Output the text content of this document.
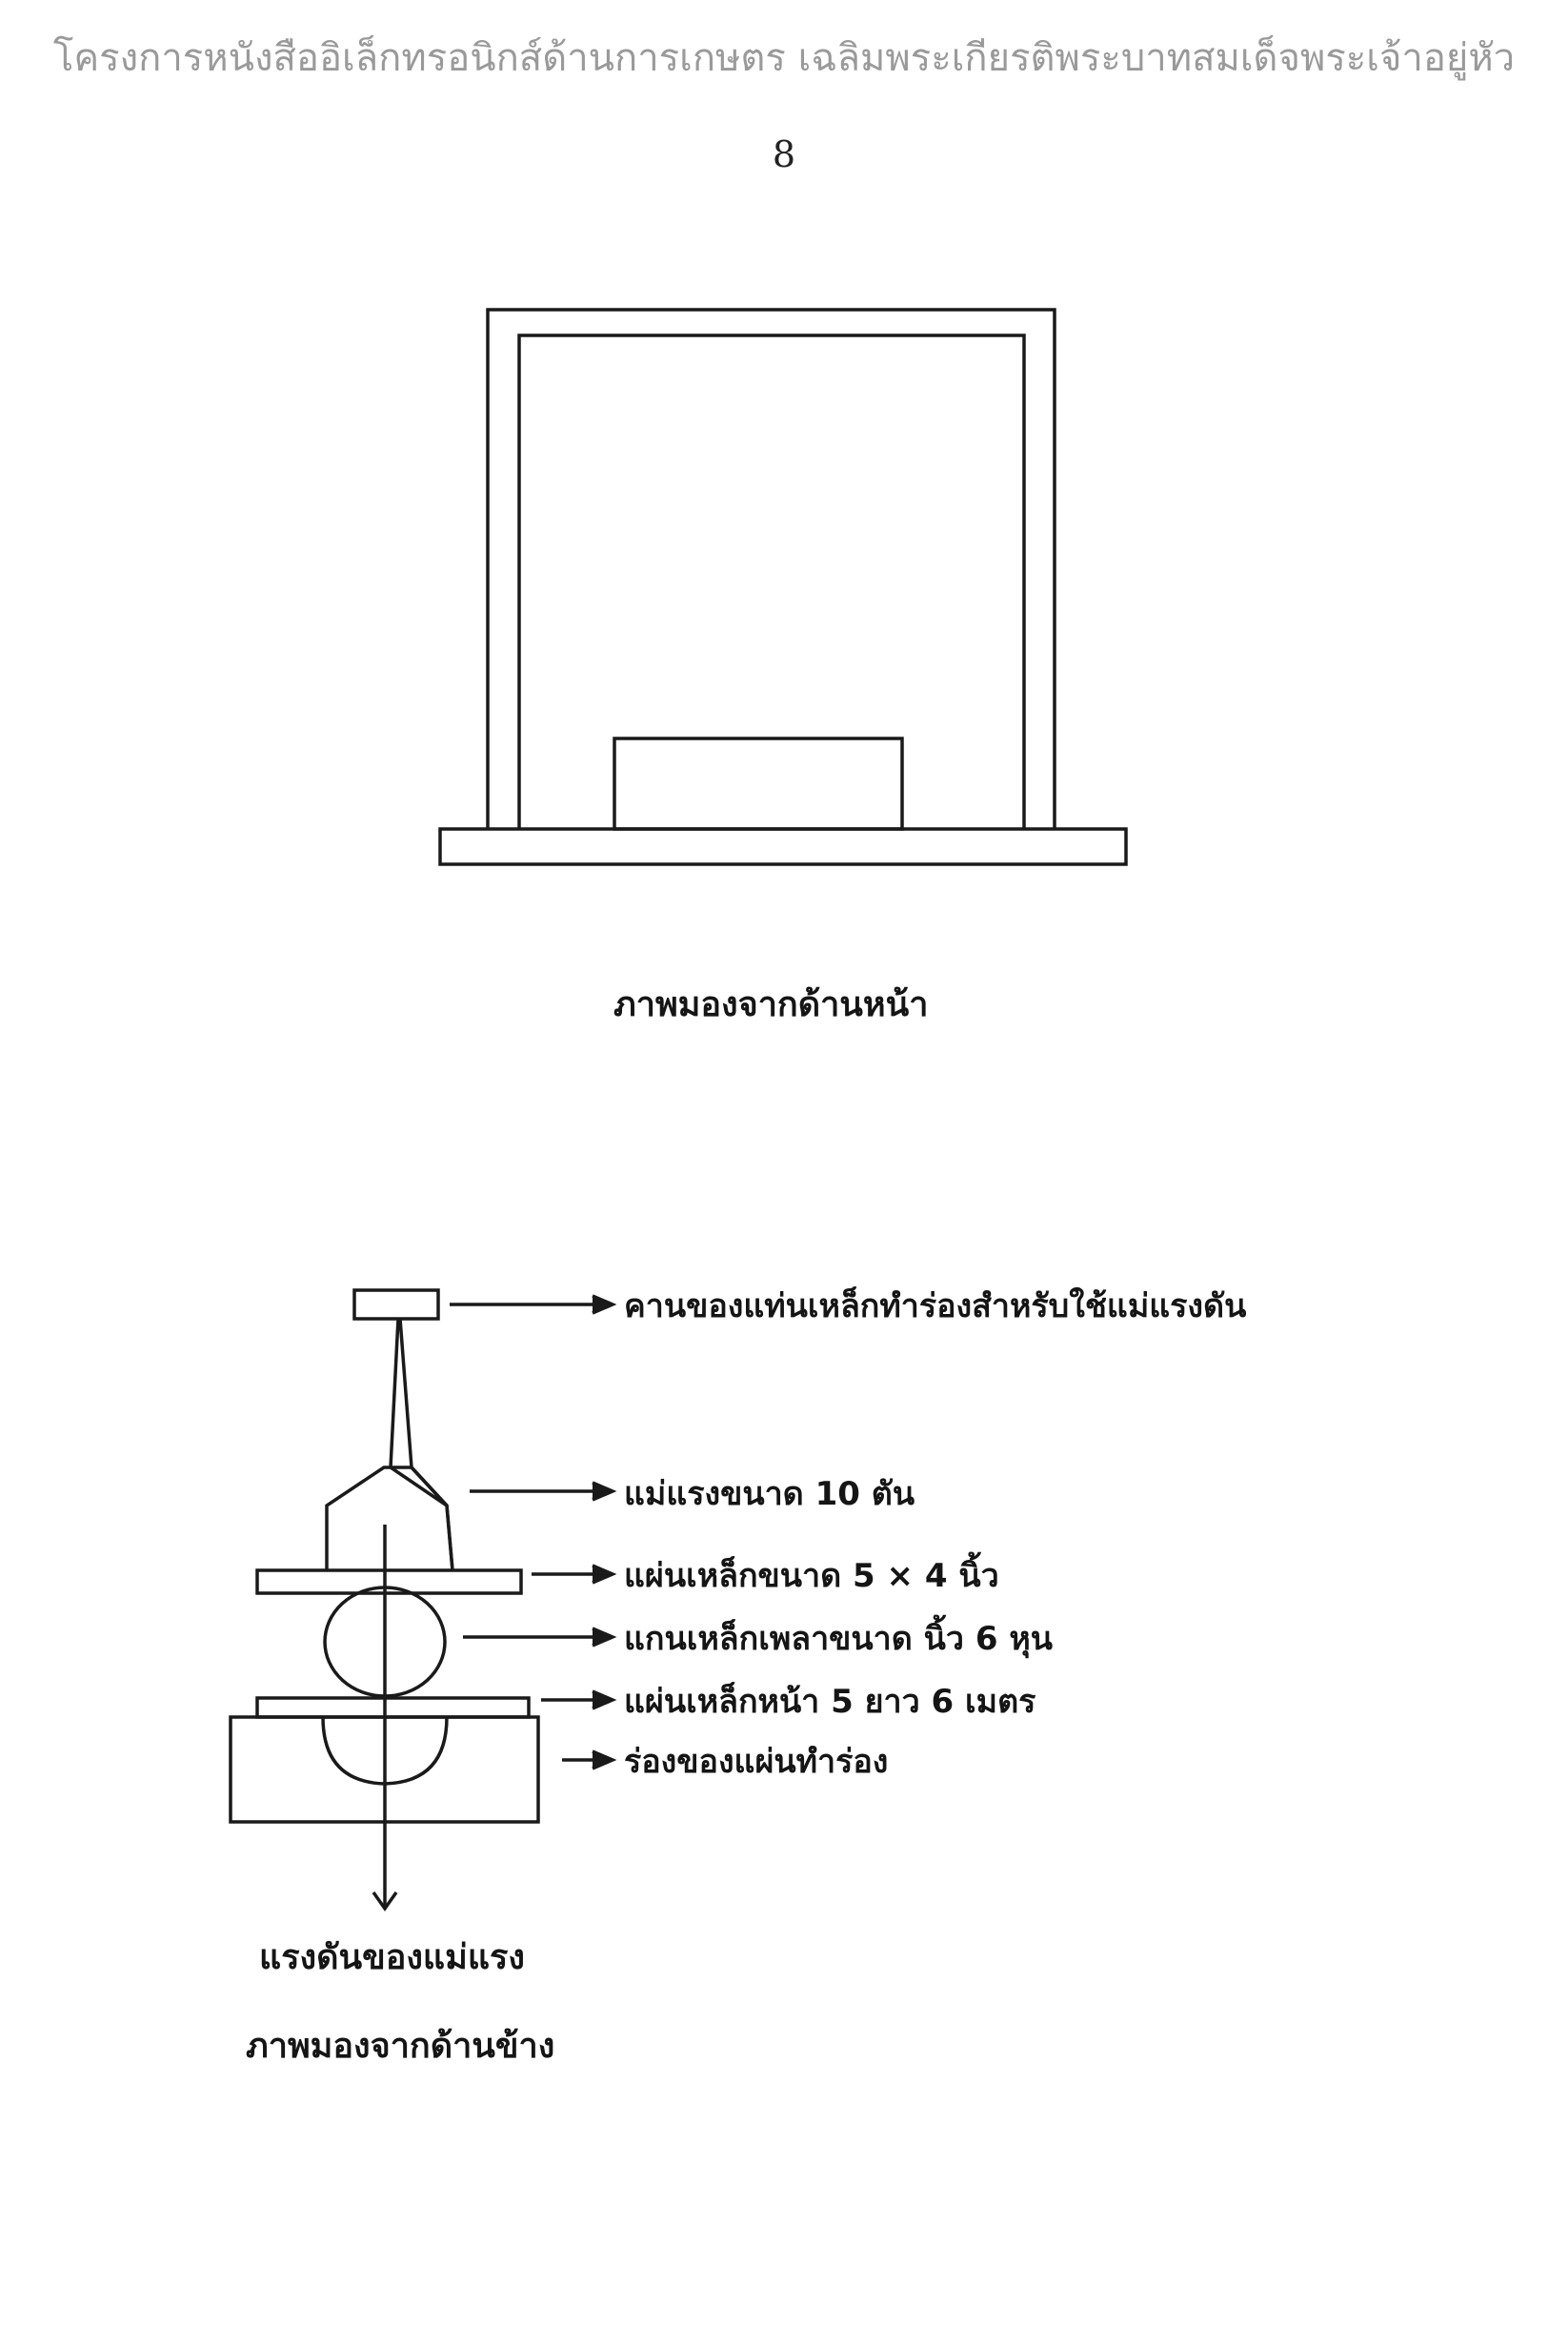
โครงการหนังสืออิเล็กทรอนิกส์ด้านการเกษตร เฉลิมพระเกียรติพระบาทสมเด็จพระเจ้าอยู่หัว
8
ภาพมองจากด้านหน้า
คานของแท่นเหล็กทำร่องสำหรับใช้แม่แรงดัน
แม่แรงขนาด 10 ตัน
แผ่นเหล็กขนาด 5 × 4 นิ้ว
แกนเหล็กเพลาขนาด นิ้ว 6 หุน
แผ่นเหล็กหน้า 5 ยาว 6 เมตร
ร่องของแผ่นทำร่อง
แรงดันของแม่แรง
ภาพมองจากด้านข้าง
